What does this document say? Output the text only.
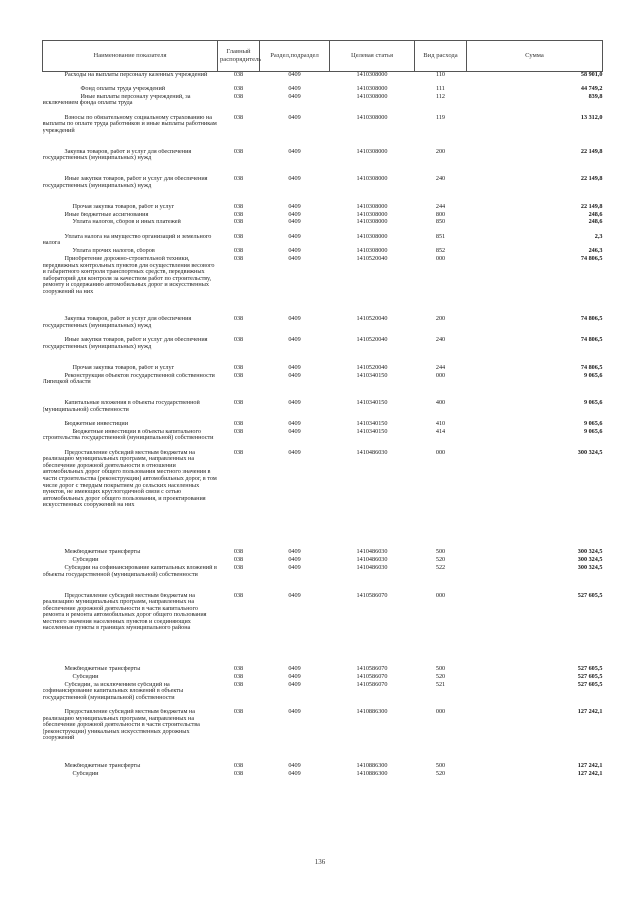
Наименование показателя	Главный распорядитель	Раздел,подраздел	Целевая статья	Вид расхода	Сумма

Расходы на выплаты персоналу казенных учреждений	038	0409	1410308000	110	58 901,0

Фонд оплаты труда учреждений	038	0409	1410308000	111	44 749,2

Иные выплаты персоналу учреждений, за исключением фонда оплаты труда	038	0409	1410308000	112	839,8

Взносы по обязательному социальному страхованию на выплаты по оплате труда работников и иные выплаты работникам учреждений	038	0409	1410308000	119	13 312,0

Закупка товаров, работ и услуг для обеспечения государственных (муниципальных) нужд	038	0409	1410308000	200	22 149,8

Иные закупки товаров, работ и услуг для обеспечения государственных (муниципальных) нужд	038	0409	1410308000	240	22 149,8

Прочая закупка товаров, работ и услуг	038	0409	1410308000	244	22 149,8

Иные бюджетные ассигнования	038	0409	1410308000	800	248,6

Уплата налогов, сборов и иных платежей	038	0409	1410308000	850	248,6

Уплата налога на имущество организаций и земельного налога	038	0409	1410308000	851	2,3

Уплата прочих налогов, сборов	038	0409	1410308000	852	246,3

Приобретение дорожно-строительной техники, передвижных контрольных пунктов для осуществления весового и габаритного контроля транспортных средств, передвижных лабораторий для контроля за качеством работ по строительству, ремонту и содержанию автомобильных дорог и искусственных сооружений на них	038	0409	1410520040	000	74 806,5

Закупка товаров, работ и услуг для обеспечения государственных (муниципальных) нужд	038	0409	1410520040	200	74 806,5

Иные закупки товаров, работ и услуг для обеспечения государственных (муниципальных) нужд	038	0409	1410520040	240	74 806,5

Прочая закупка товаров, работ и услуг	038	0409	1410520040	244	74 806,5

Реконструкция объектов государственной собственности Липецкой области	038	0409	1410340150	000	9 065,6

Капитальные вложения в объекты государственной (муниципальной) собственности	038	0409	1410340150	400	9 065,6

Бюджетные инвестиции	038	0409	1410340150	410	9 065,6

Бюджетные инвестиции в объекты капитального строительства государственной (муниципальной) собственности	038	0409	1410340150	414	9 065,6

Предоставление субсидий местным бюджетам на реализацию муниципальных программ, направленных на обеспечение дорожной деятельности в отношении автомобильных дорог общего пользования местного значения в части строительства (реконструкции) автомобильных дорог, в том числе дорог с твердым покрытием до сельских населенных пунктов, не имеющих круглогодичной связи с сетью автомобильных дорог общего пользования, и проектирования искусственных сооружений на них	038	0409	1410486030	000	300 324,5

Межбюджетные трансферты	038	0409	1410486030	500	300 324,5

Субсидии	038	0409	1410486030	520	300 324,5

Субсидии на софинансирование капитальных вложений в объекты государственной (муниципальной) собственности	038	0409	1410486030	522	300 324,5

Предоставление субсидий местным бюджетам на реализацию муниципальных программ, направленных на обеспечение дорожной деятельности в части капитального ремонта и ремонта автомобильных дорог общего пользования местного значения населенных пунктов и соединяющих населенные пункты в границах муниципального района	038	0409	1410586070	000	527 605,5

Межбюджетные трансферты	038	0409	1410586070	500	527 605,5

Субсидии	038	0409	1410586070	520	527 605,5

Субсидии, за исключением субсидий на софинансирование капитальных вложений в объекты государственной (муниципальной) собственности	038	0409	1410586070	521	527 605,5

Предоставление субсидий местным бюджетам на реализацию муниципальных программ, направленных на обеспечение дорожной деятельности в части строительства (реконструкции) уникальных искусственных дорожных сооружений	038	0409	1410886300	000	127 242,1

Межбюджетные трансферты	038	0409	1410886300	500	127 242,1

Субсидии	038	0409	1410886300	520	127 242,1
136
